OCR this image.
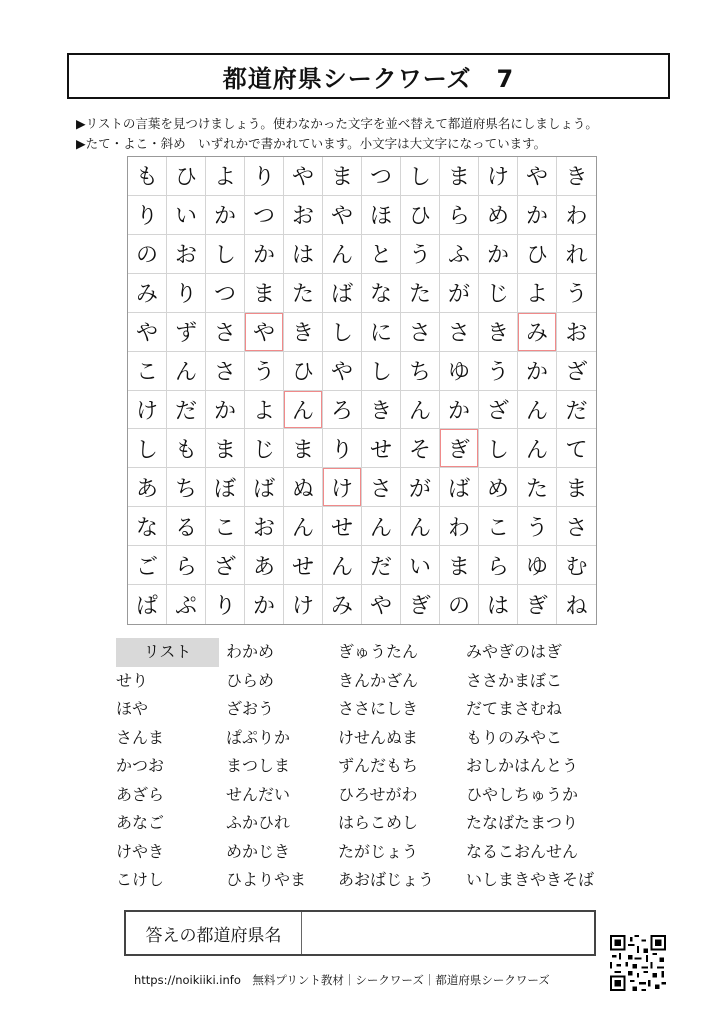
都道府県シークワーズ　7
▶リストの言葉を見つけましょう。使わなかった文字を並べ替えて都道府県名にしましょう。
▶たて・よこ・斜め　いずれかで書かれています。小文字は大文字になっています。
も ひ よ り や ま つ し ま け や き
り い か つ お や ほ ひ ら め か わ
の お し か は ん と う ふ か ひ れ
み り つ ま た ば な た が じ よ う
や ず さ や き し に さ さ き み お
こ ん さ う ひ や し ち ゆ う か ざ
け だ か よ ん ろ き ん か ざ ん だ
し も ま じ ま り せ そ ぎ し ん て
あ ち ぼ ば ぬ け さ が ば め た ま
な る こ お ん せ ん ん わ こ う さ
ご ら ざ あ せ ん だ い ま ら ゆ む
ぱ ぷ り か け み や ぎ の は ぎ ね
リスト
せり
ほや
さんま
かつお
あざら
あなご
けやき
こけし
わかめ
ひらめ
ざおう
ぱぷりか
まつしま
せんだい
ふかひれ
めかじき
ひよりやま
ぎゅうたん
きんかざん
ささにしき
けせんぬま
ずんだもち
ひろせがわ
はらこめし
たがじょう
あおばじょう
みやぎのはぎ
ささかまぼこ
だてまさむね
もりのみやこ
おしかはんとう
ひやしちゅうか
たなばたまつり
なるこおんせん
いしまきやきそば
答えの都道府県名
https://noikiiki.info　無料プリント教材｜シークワーズ｜都道府県シークワーズ
